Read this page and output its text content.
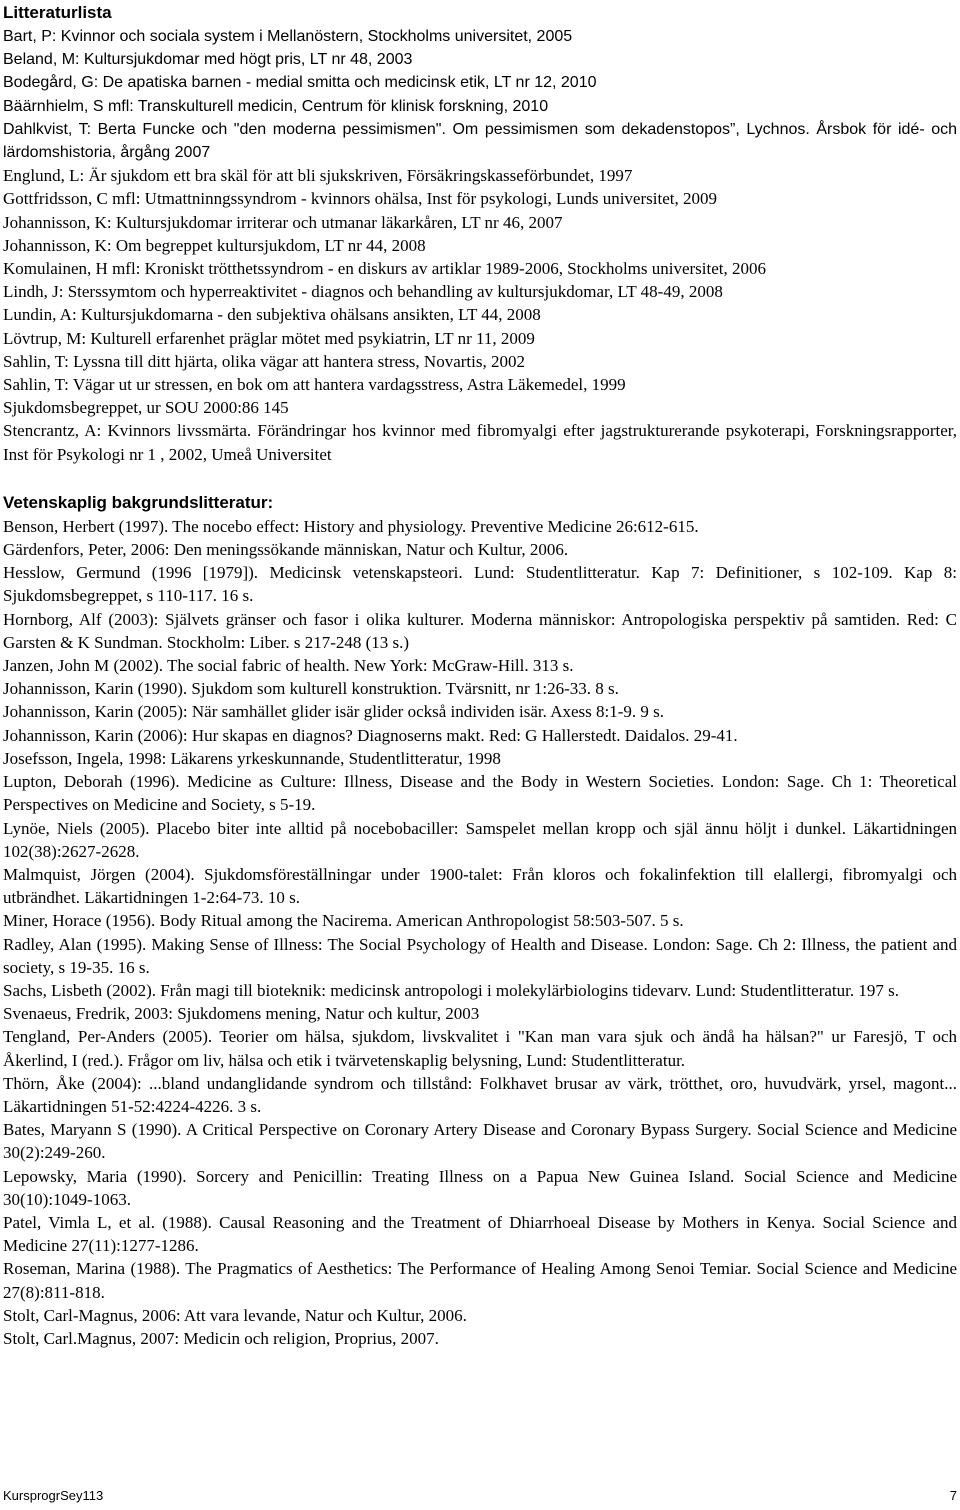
Litteraturlista

Bart, P: Kvinnor och sociala system i Mellanöstern, Stockholms universitet, 2005

Beland, M: Kultursjukdomar med högt pris, LT nr 48, 2003

Bodegård, G: De apatiska barnen - medial smitta och medicinsk etik, LT nr 12, 2010

Bäärnhielm, S mfl: Transkulturell medicin, Centrum för klinisk forskning, 2010

Dahlkvist, T: Berta Funcke och "den moderna pessimismen". Om pessimismen som dekadenstopos”, Lychnos. Årsbok för idé- och lärdomshistoria, årgång 2007

Englund, L: Är sjukdom ett bra skäl för att bli sjukskriven, Försäkringskasseförbundet, 1997

Gottfridsson, C mfl: Utmattninngssyndrom - kvinnors ohälsa, Inst för psykologi, Lunds universitet, 2009

Johannisson, K: Kultursjukdomar irriterar och utmanar läkarkåren, LT nr 46, 2007

Johannisson, K: Om begreppet kultursjukdom, LT nr 44, 2008

Komulainen, H mfl: Kroniskt trötthetssyndrom - en diskurs av artiklar 1989-2006, Stockholms universitet, 2006

Lindh, J: Sterssymtom och hyperreaktivitet - diagnos och behandling av kultursjukdomar, LT 48-49, 2008

Lundin, A: Kultursjukdomarna - den subjektiva ohälsans ansikten, LT 44, 2008

Lövtrup, M: Kulturell erfarenhet präglar mötet med psykiatrin, LT nr 11, 2009

Sahlin, T: Lyssna till ditt hjärta, olika vägar att hantera stress, Novartis, 2002

Sahlin, T: Vägar ut ur stressen, en bok om att hantera vardagsstress, Astra Läkemedel, 1999

Sjukdomsbegreppet, ur SOU 2000:86 145

Stencrantz, A: Kvinnors livssmärta. Förändringar hos kvinnor med fibromyalgi efter jagstrukturerande psykoterapi, Forskningsrapporter, Inst för Psykologi nr 1 , 2002, Umeå Universitet

Vetenskaplig bakgrundslitteratur:

Benson, Herbert (1997). The nocebo effect: History and physiology. Preventive Medicine 26:612-615.

Gärdenfors, Peter, 2006: Den meningssökande människan, Natur och Kultur, 2006.

Hesslow, Germund (1996 [1979]). Medicinsk vetenskapsteori. Lund: Studentlitteratur. Kap 7: Definitioner, s 102-109. Kap 8: Sjukdomsbegreppet, s 110-117. 16 s.

Hornborg, Alf (2003): Självets gränser och fasor i olika kulturer. Moderna människor: Antropologiska perspektiv på samtiden. Red: C Garsten & K Sundman. Stockholm: Liber. s 217-248 (13 s.)

Janzen, John M (2002). The social fabric of health. New York: McGraw-Hill. 313 s.

Johannisson, Karin (1990). Sjukdom som kulturell konstruktion. Tvärsnitt, nr 1:26-33. 8 s.

Johannisson, Karin (2005): När samhället glider isär glider också individen isär. Axess 8:1-9. 9 s.

Johannisson, Karin (2006): Hur skapas en diagnos? Diagnoserns makt. Red: G Hallerstedt. Daidalos. 29-41.

Josefsson, Ingela, 1998: Läkarens yrkeskunnande, Studentlitteratur, 1998

Lupton, Deborah (1996). Medicine as Culture: Illness, Disease and the Body in Western Societies. London: Sage. Ch 1: Theoretical Perspectives on Medicine and Society, s 5-19.

Lynöe, Niels (2005). Placebo biter inte alltid på nocebobaciller: Samspelet mellan kropp och själ ännu höljt i dunkel. Läkartidningen 102(38):2627-2628.

Malmquist, Jörgen (2004). Sjukdomsföreställningar under 1900-talet: Från kloros och fokalinfektion till elallergi, fibromyalgi och utbrändhet. Läkartidningen 1-2:64-73. 10 s.

Miner, Horace (1956). Body Ritual among the Nacirema. American Anthropologist 58:503-507. 5 s.

Radley, Alan (1995). Making Sense of Illness: The Social Psychology of Health and Disease. London: Sage. Ch 2: Illness, the patient and society, s 19-35. 16 s.

Sachs, Lisbeth (2002). Från magi till bioteknik: medicinsk antropologi i molekylärbiologins tidevarv. Lund: Studentlitteratur. 197 s.

Svenaeus, Fredrik, 2003: Sjukdomens mening, Natur och kultur, 2003

Tengland, Per-Anders (2005). Teorier om hälsa, sjukdom, livskvalitet i "Kan man vara sjuk och ändå ha hälsan?" ur Faresjö, T och Åkerlind, I (red.). Frågor om liv, hälsa och etik i tvärvetenskaplig belysning, Lund: Studentlitteratur.

Thörn, Åke (2004): ...bland undanglidande syndrom och tillstånd: Folkhavet brusar av värk, trötthet, oro, huvudvärk, yrsel, magont... Läkartidningen 51-52:4224-4226. 3 s.

Bates, Maryann S (1990). A Critical Perspective on Coronary Artery Disease and Coronary Bypass Surgery. Social Science and Medicine 30(2):249-260.

Lepowsky, Maria (1990). Sorcery and Penicillin: Treating Illness on a Papua New Guinea Island. Social Science and Medicine 30(10):1049-1063.

Patel, Vimla L, et al. (1988). Causal Reasoning and the Treatment of Dhiarrhoeal Disease by Mothers in Kenya. Social Science and Medicine 27(11):1277-1286.

Roseman, Marina (1988). The Pragmatics of Aesthetics: The Performance of Healing Among Senoi Temiar. Social Science and Medicine 27(8):811-818.

Stolt, Carl-Magnus, 2006: Att vara levande, Natur och Kultur, 2006.

Stolt, Carl.Magnus, 2007: Medicin och religion, Proprius, 2007.

KursprogrSey113	7
